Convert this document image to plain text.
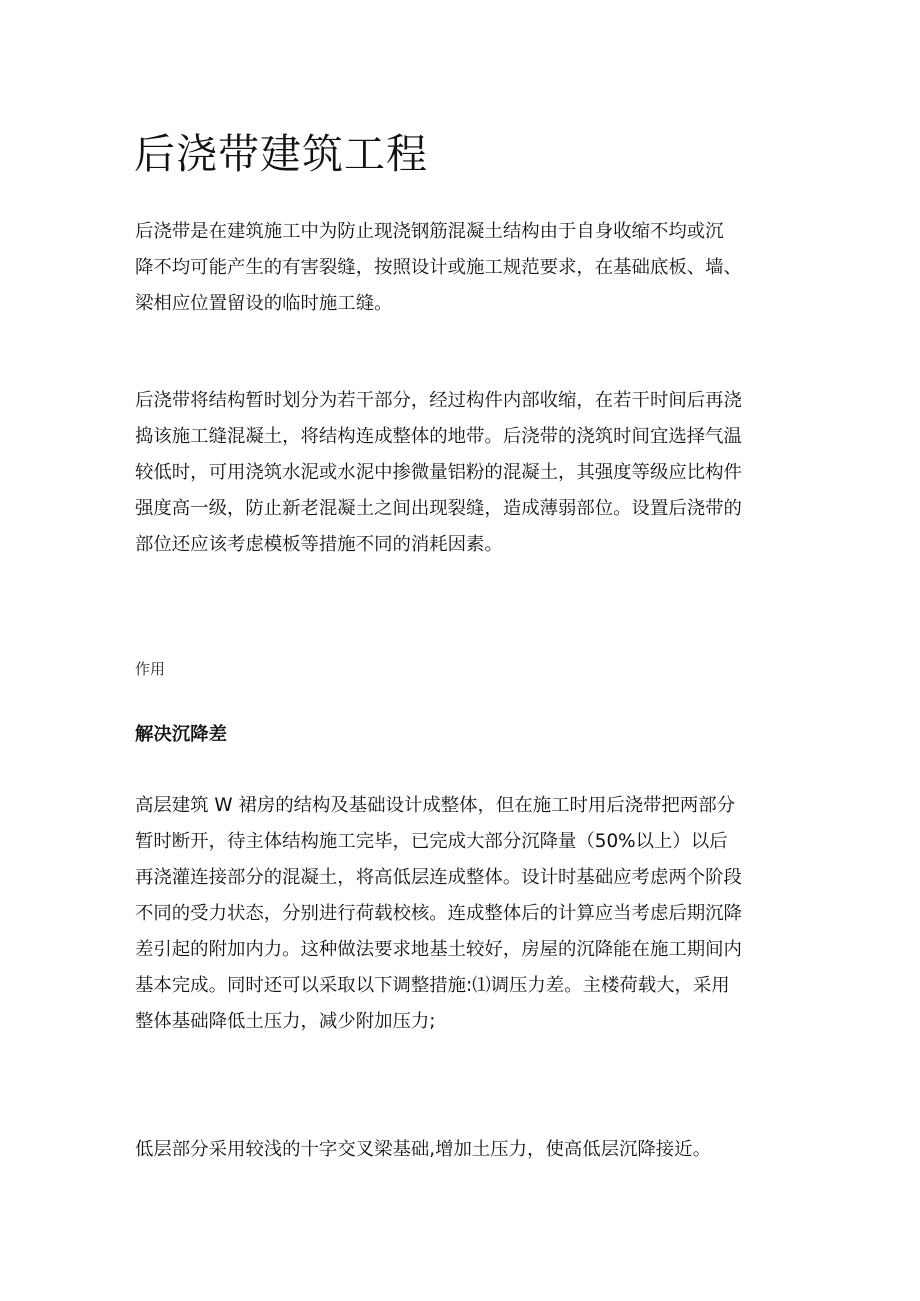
后浇带建筑工程

后浇带是在建筑施工中为防止现浇钢筋混凝土结构由于自身收缩不均或沉
降不均可能产生的有害裂缝，按照设计或施工规范要求，在基础底板、墙、
梁相应位置留设的临时施工缝。

后浇带将结构暂时划分为若干部分，经过构件内部收缩，在若干时间后再浇
捣该施工缝混凝土，将结构连成整体的地带。后浇带的浇筑时间宜选择气温
较低时，可用浇筑水泥或水泥中掺微量铝粉的混凝土，其强度等级应比构件
强度高一级，防止新老混凝土之间出现裂缝，造成薄弱部位。设置后浇带的
部位还应该考虑模板等措施不同的消耗因素。

作用

解决沉降差

高层建筑 W 裙房的结构及基础设计成整体，但在施工时用后浇带把两部分
暂时断开，待主体结构施工完毕，已完成大部分沉降量（50%以上）以后
再浇灌连接部分的混凝土，将高低层连成整体。设计时基础应考虑两个阶段
不同的受力状态，分别进行荷载校核。连成整体后的计算应当考虑后期沉降
差引起的附加内力。这种做法要求地基土较好，房屋的沉降能在施工期间内
基本完成。同时还可以采取以下调整措施:⑴调压力差。主楼荷载大，采用
整体基础降低土压力，减少附加压力;

低层部分采用较浅的十字交叉梁基础,增加土压力，使高低层沉降接近。
